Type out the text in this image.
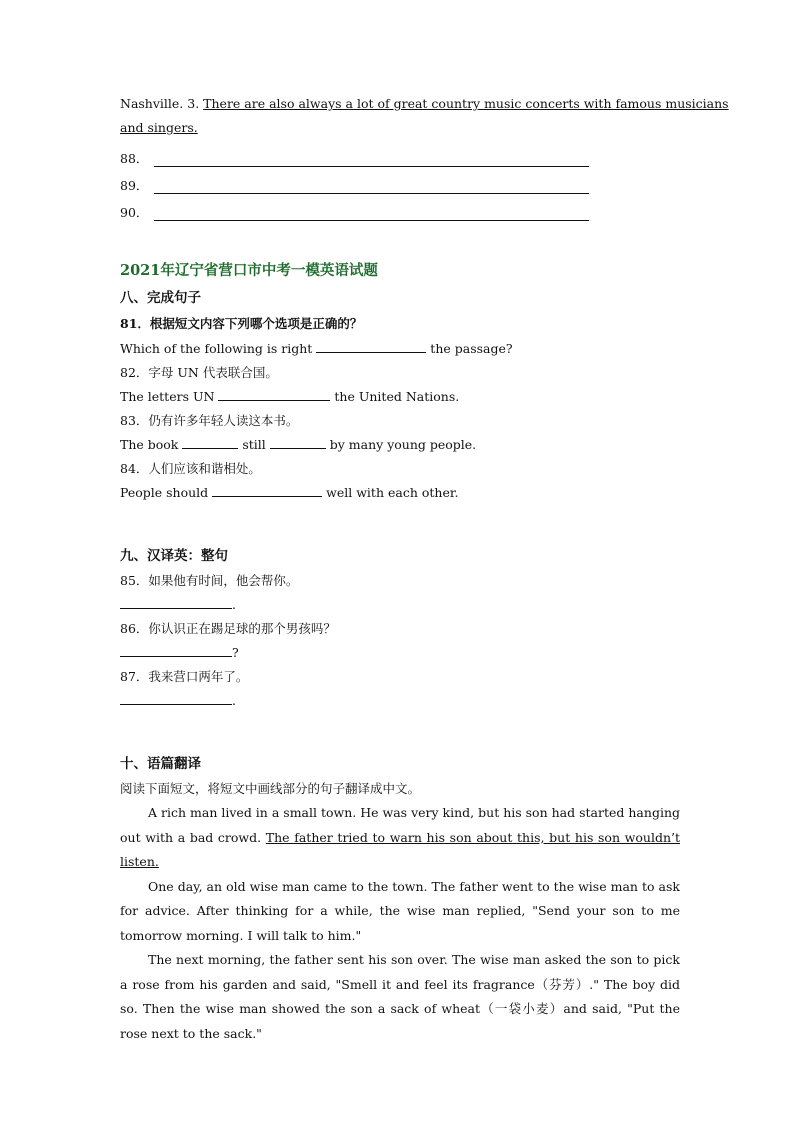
Nashville. 3. There are also always a lot of great country music concerts with famous musicians
and singers.
88．
89．
90．
2021年辽宁省营口市中考一模英语试题
八、完成句子
81．根据短文内容下列哪个选项是正确的？
Which of the following is right	the passage?
82．字母 UN 代表联合国。
The letters UN	the United Nations.
83．仍有许多年轻人读这本书。
The book	still	by many young people.
84．人们应该和谐相处。
People should	well with each other.
九、汉译英：整句
85．如果他有时间，他会帮你。
.
86．你认识正在踢足球的那个男孩吗？
?
87．我来营口两年了。
.
十、语篇翻译
阅读下面短文，将短文中画线部分的句子翻译成中文。
A rich man lived in a small town. He was very kind, but his son had started hanging out with a bad crowd. The father tried to warn his son about this, but his son wouldn’t listen.
One day, an old wise man came to the town. The father went to the wise man to ask for advice. After thinking for a while, the wise man replied, "Send your son to me tomorrow morning. I will talk to him."
The next morning, the father sent his son over. The wise man asked the son to pick a rose from his garden and said, "Smell it and feel its fragrance（芬芳）." The boy did so. Then the wise man showed the son a sack of wheat（一袋小麦）and said, "Put the rose next to the sack."
